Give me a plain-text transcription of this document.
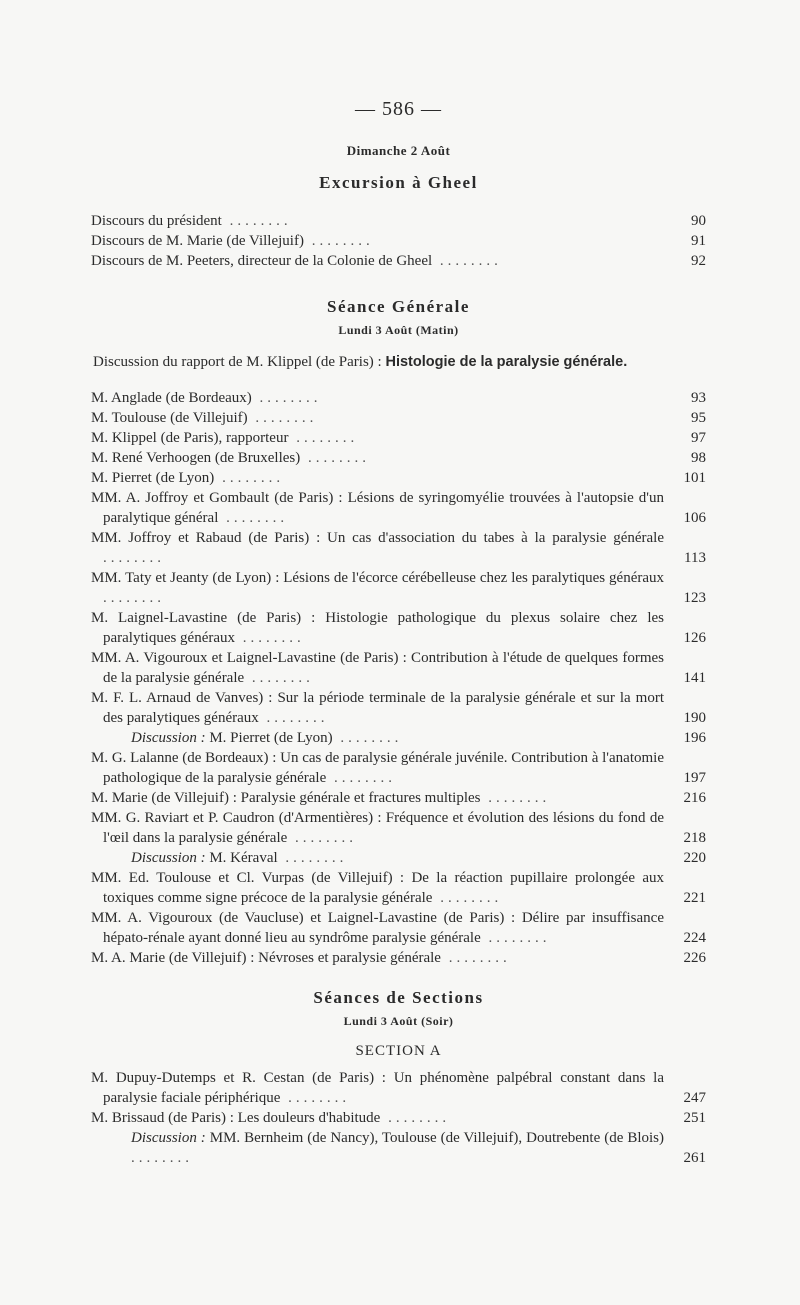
— 586 —
Dimanche 2 Août
Excursion à Gheel
Discours du président ........	90
Discours de M. Marie (de Villejuif) ........	91
Discours de M. Peeters, directeur de la Colonie de Gheel ........	92
Séance Générale
Lundi 3 Août (Matin)
Discussion du rapport de M. Klippel (de Paris) : Histologie de la paralysie générale.
M. Anglade (de Bordeaux) ........	93
M. Toulouse (de Villejuif) ........	95
M. Klippel (de Paris), rapporteur ........	97
M. René Verhoogen (de Bruxelles) ........	98
M. Pierret (de Lyon) ........	101
MM. A. Joffroy et Gombault (de Paris) : Lésions de syringomyélie trouvées à l'autopsie d'un paralytique général ........	106
MM. Joffroy et Rabaud (de Paris) : Un cas d'association du tabes à la paralysie générale ........	113
MM. Taty et Jeanty (de Lyon) : Lésions de l'écorce cérébelleuse chez les paralytiques généraux ........	123
M. Laignel-Lavastine (de Paris) : Histologie pathologique du plexus solaire chez les paralytiques généraux ........	126
MM. A. Vigouroux et Laignel-Lavastine (de Paris) : Contribution à l'étude de quelques formes de la paralysie générale ........	141
M. F. L. Arnaud de Vanves) : Sur la période terminale de la paralysie générale et sur la mort des paralytiques généraux ........	190
Discussion : M. Pierret (de Lyon) ........	196
M. G. Lalanne (de Bordeaux) : Un cas de paralysie générale juvénile. Contribution à l'anatomie pathologique de la paralysie générale ........	197
M. Marie (de Villejuif) : Paralysie générale et fractures multiples ........	216
MM. G. Raviart et P. Caudron (d'Armentières) : Fréquence et évolution des lésions du fond de l'œil dans la paralysie générale ........	218
Discussion : M. Kéraval ........	220
MM. Ed. Toulouse et Cl. Vurpas (de Villejuif) : De la réaction pupillaire prolongée aux toxiques comme signe précoce de la paralysie générale ........	221
MM. A. Vigouroux (de Vaucluse) et Laignel-Lavastine (de Paris) : Délire par insuffisance hépato-rénale ayant donné lieu au syndrôme paralysie générale ........	224
M. A. Marie (de Villejuif) : Névroses et paralysie générale ........	226
Séances de Sections
Lundi 3 Août (Soir)
SECTION A
M. Dupuy-Dutemps et R. Cestan (de Paris) : Un phénomène palpébral constant dans la paralysie faciale périphérique ........	247
M. Brissaud (de Paris) : Les douleurs d'habitude ........	251
Discussion : MM. Bernheim (de Nancy), Toulouse (de Villejuif), Doutrebente (de Blois) ........	261
